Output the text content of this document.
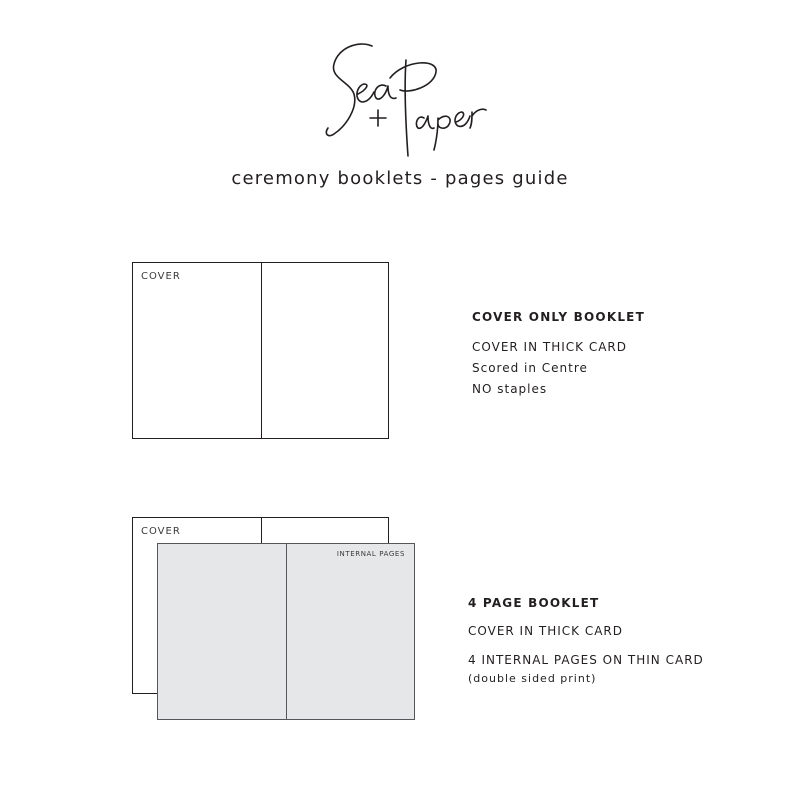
ceremony booklets - pages guide
COVER
COVER ONLY BOOKLET
COVER IN THICK CARD
Scored in Centre
NO staples
COVER
INTERNAL PAGES
4 PAGE BOOKLET
COVER IN THICK CARD
4 INTERNAL PAGES ON THIN CARD
(double sided print)
